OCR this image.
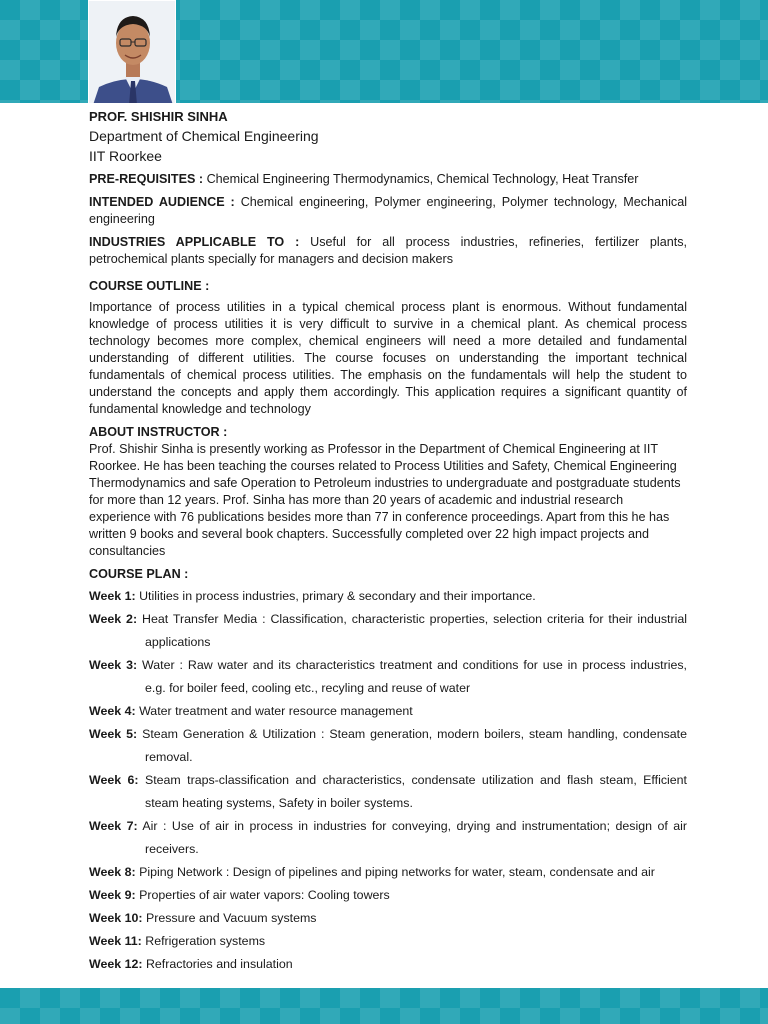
PROF. SHISHIR SINHA

Department of Chemical Engineering

IIT Roorkee

PRE-REQUISITES : Chemical Engineering Thermodynamics, Chemical Technology, Heat Transfer

INTENDED AUDIENCE : Chemical engineering, Polymer engineering, Polymer technology, Mechanical engineering

INDUSTRIES APPLICABLE TO : Useful for all process industries, refineries, fertilizer plants, petrochemical plants specially for managers and decision makers

COURSE OUTLINE :

Importance of process utilities in a typical chemical process plant is enormous. Without fundamental knowledge of process utilities it is very difficult to survive in a chemical plant. As chemical process technology becomes more complex, chemical engineers will need a more detailed and fundamental understanding of different utilities. The course focuses on understanding the important technical fundamentals of chemical process utilities. The emphasis on the fundamentals will help the student to understand the concepts and apply them accordingly. This application requires a significant quantity of fundamental knowledge and technology

ABOUT INSTRUCTOR :

Prof. Shishir Sinha is presently working as Professor in the Department of Chemical Engineering at IIT Roorkee. He has been teaching the courses related to Process Utilities and Safety, Chemical Engineering Thermodynamics and safe Operation to Petroleum industries to undergraduate and postgraduate students for more than 12 years. Prof. Sinha has more than 20 years of academic and industrial research experience with 76 publications besides more than 77 in conference proceedings. Apart from this he has written 9 books and several book chapters. Successfully completed over 22 high impact projects and consultancies

COURSE PLAN :

Week 1: Utilities in process industries, primary & secondary and their importance.

Week 2: Heat Transfer Media : Classification, characteristic properties, selection criteria for their industrial applications

Week 3: Water : Raw water and its characteristics treatment and conditions for use in process industries, e.g. for boiler feed, cooling etc., recyling and reuse of water

Week 4: Water treatment and water resource management

Week 5: Steam Generation & Utilization : Steam generation, modern boilers, steam handling, condensate removal.

Week 6: Steam traps-classification and characteristics, condensate utilization and flash steam, Efficient steam heating systems, Safety in boiler systems.

Week 7: Air : Use of air in process in industries for conveying, drying and instrumentation; design of air receivers.

Week 8: Piping Network : Design of pipelines and piping networks for water, steam, condensate and air

Week 9: Properties of air water vapors: Cooling towers

Week 10: Pressure and Vacuum systems

Week 11: Refrigeration systems

Week 12: Refractories and insulation
